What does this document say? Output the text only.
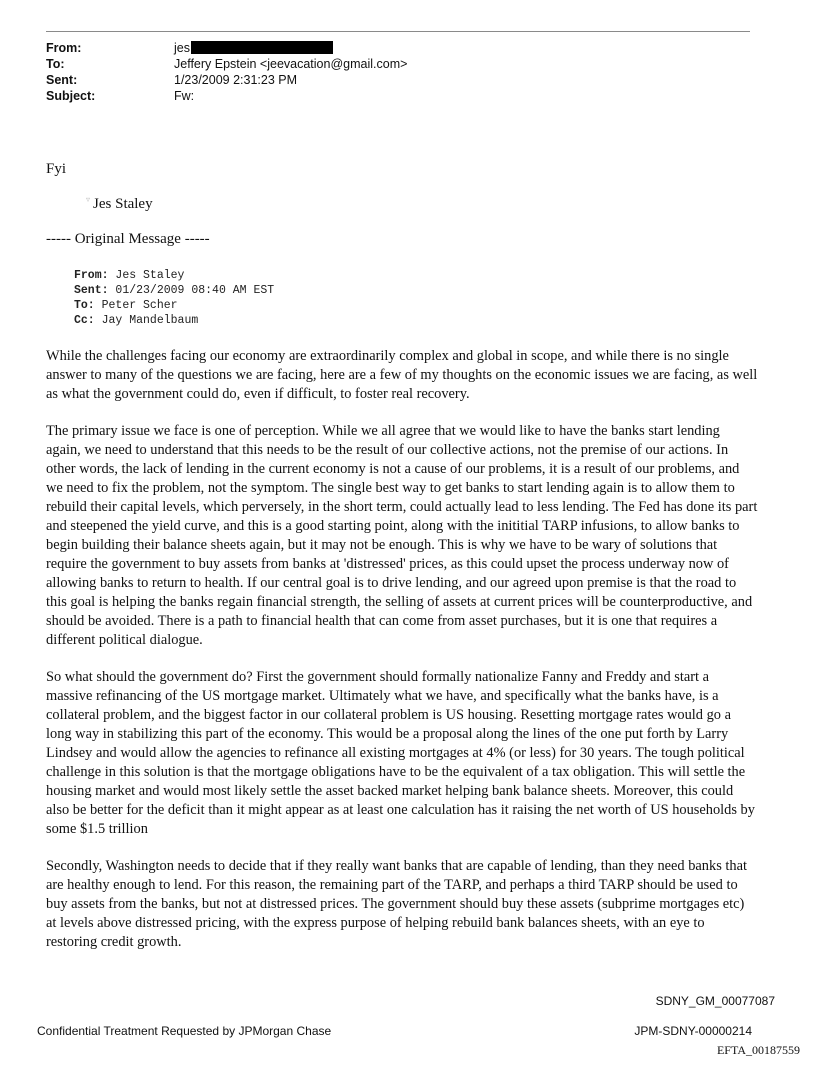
From:	jes
To:	Jeffery Epstein <jeevacation@gmail.com>
Sent:	1/23/2009 2:31:23 PM
Subject:	Fw:
Fyi
▿ Jes Staley
----- Original Message -----
From: Jes Staley
Sent: 01/23/2009 08:40 AM EST
To: Peter Scher
Cc: Jay Mandelbaum

While the challenges facing our economy are extraordinarily complex and global in scope, and while there is no single answer to many of the questions we are facing, here are a few of my thoughts on the economic issues we are facing, as well as what the government could do, even if difficult, to foster real recovery.

The primary issue we face is one of perception. While we all agree that we would like to have the banks start lending again, we need to understand that this needs to be the result of our collective actions, not the premise of our actions. In other words, the lack of lending in the current economy is not a cause of our problems, it is a result of our problems, and we need to fix the problem, not the symptom. The single best way to get banks to start lending again is to allow them to rebuild their capital levels, which perversely, in the short term, could actually lead to less lending. The Fed has done its part and steepened the yield curve, and this is a good starting point, along with the inititial TARP infusions, to allow banks to begin building their balance sheets again, but it may not be enough. This is why we have to be wary of solutions that require the government to buy assets from banks at 'distressed' prices, as this could upset the process underway now of allowing banks to return to health. If our central goal is to drive lending, and our agreed upon premise is that the road to this goal is helping the banks regain financial strength, the selling of assets at current prices will be counterproductive, and should be avoided. There is a path to financial health that can come from asset purchases, but it is one that requires a different political dialogue.

So what should the government do? First the government should formally nationalize Fanny and Freddy and start a massive refinancing of the US mortgage market. Ultimately what we have, and specifically what the banks have, is a collateral problem, and the biggest factor in our collateral problem is US housing. Resetting mortgage rates would go a long way in stabilizing this part of the economy. This would be a proposal along the lines of the one put forth by Larry Lindsey and would allow the agencies to refinance all existing mortgages at 4% (or less) for 30 years. The tough political challenge in this solution is that the mortgage obligations have to be the equivalent of a tax obligation. This will settle the housing market and would most likely settle the asset backed market helping bank balance sheets. Moreover, this could also be better for the deficit than it might appear as at least one calculation has it raising the net worth of US households by some $1.5 trillion

Secondly, Washington needs to decide that if they really want banks that are capable of lending, than they need banks that are healthy enough to lend. For this reason, the remaining part of the TARP, and perhaps a third TARP should be used to buy assets from the banks, but not at distressed prices. The government should buy these assets (subprime mortgages etc) at levels above distressed pricing, with the express purpose of helping rebuild bank balances sheets, with an eye to restoring credit growth.

SDNY_GM_00077087
Confidential Treatment Requested by JPMorgan Chase	JPM-SDNY-00000214
EFTA_00187559
